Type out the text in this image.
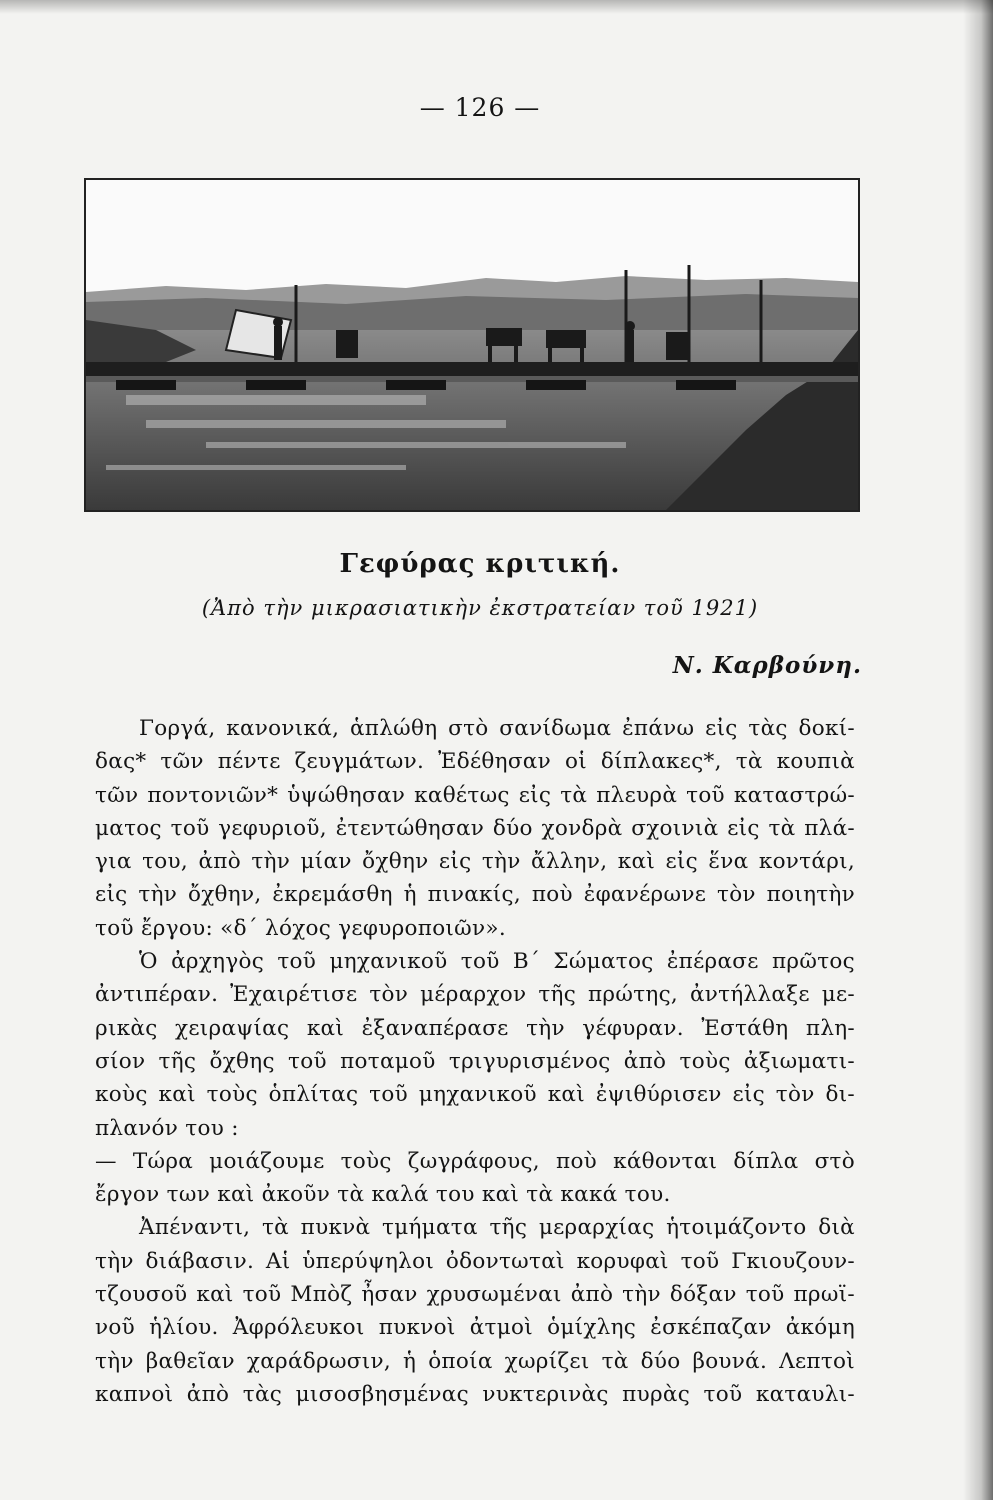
— 126 —
Γεφύρας κριτική.
(Ἀπὸ τὴν μικρασιατικὴν ἐκστρατείαν τοῦ 1921)
Ν. Καρβούνη.
Γοργά, κανονικά, ἁπλώθη στὸ σανίδωμα ἐπάνω εἰς τὰς δοκί-
δας* τῶν πέντε ζευγμάτων. Ἐδέθησαν οἱ δίπλακες*, τὰ κουπιὰ
τῶν ποντονιῶν* ὑψώθησαν καθέτως εἰς τὰ πλευρὰ τοῦ καταστρώ-
ματος τοῦ γεφυριοῦ, ἐτεντώθησαν δύο χονδρὰ σχοινιὰ εἰς τὰ πλά-
για του, ἀπὸ τὴν μίαν ὄχθην εἰς τὴν ἄλλην, καὶ εἰς ἕνα κοντάρι,
εἰς τὴν ὄχθην, ἐκρεμάσθη ἡ πινακίς, ποὺ ἐφανέρωνε τὸν ποιητὴν
τοῦ ἔργου: «δ΄ λόχος γεφυροποιῶν».
Ὁ ἀρχηγὸς τοῦ μηχανικοῦ τοῦ Β΄ Σώματος ἐπέρασε πρῶτος
ἀντιπέραν. Ἐχαιρέτισε τὸν μέραρχον τῆς πρώτης, ἀντήλλαξε με-
ρικὰς χειραψίας καὶ ἐξαναπέρασε τὴν γέφυραν. Ἐστάθη πλη-
σίον τῆς ὄχθης τοῦ ποταμοῦ τριγυρισμένος ἀπὸ τοὺς ἀξιωματι-
κοὺς καὶ τοὺς ὁπλίτας τοῦ μηχανικοῦ καὶ ἐψιθύρισεν εἰς τὸν δι-
πλανόν του :
— Τώρα μοιάζουμε τοὺς ζωγράφους, ποὺ κάθονται δίπλα στὸ
ἔργον των καὶ ἀκοῦν τὰ καλά του καὶ τὰ κακά του.
Ἀπέναντι, τὰ πυκνὰ τμήματα τῆς μεραρχίας ἡτοιμάζοντο διὰ
τὴν διάβασιν. Αἱ ὑπερύψηλοι ὀδοντωταὶ κορυφαὶ τοῦ Γκιουζουν-
τζουσοῦ καὶ τοῦ Μπὸζ ἦσαν χρυσωμέναι ἀπὸ τὴν δόξαν τοῦ πρωϊ-
νοῦ ἡλίου. Ἀφρόλευκοι πυκνοὶ ἀτμοὶ ὁμίχλης ἐσκέπαζαν ἀκόμη
τὴν βαθεῖαν χαράδρωσιν, ἡ ὁποία χωρίζει τὰ δύο βουνά. Λεπτοὶ
καπνοὶ ἀπὸ τὰς μισοσβησμένας νυκτερινὰς πυρὰς τοῦ καταυλι-
